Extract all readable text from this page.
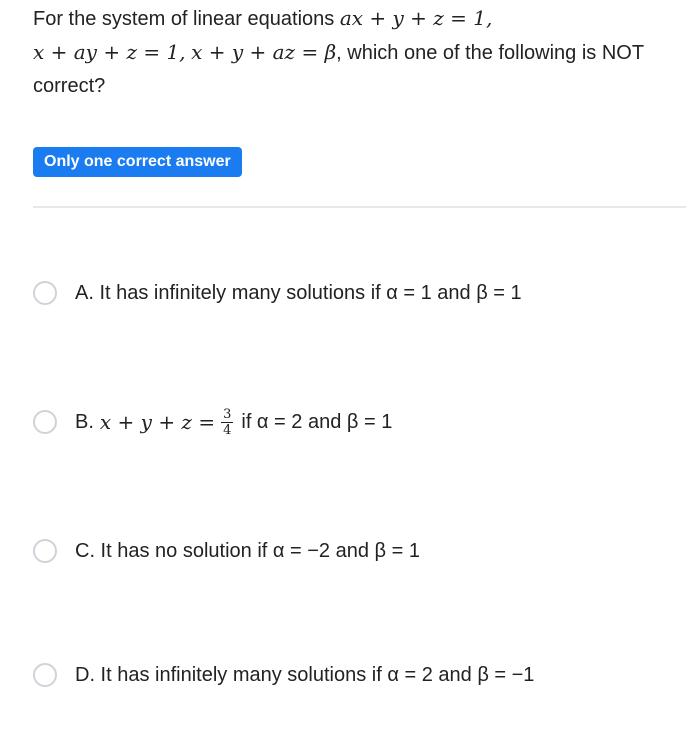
For the system of linear equations ax + y + z = 1,
x + ay + z = 1, x + y + az = β, which one of the following is NOT correct?
Only one correct answer
A. It has infinitely many solutions if α = 1 and β = 1
B. $x + y + z = \frac{3}{4}$ if α = 2 and β = 1
C. It has no solution if α = −2 and β = 1
D. It has infinitely many solutions if α = 2 and β = −1
